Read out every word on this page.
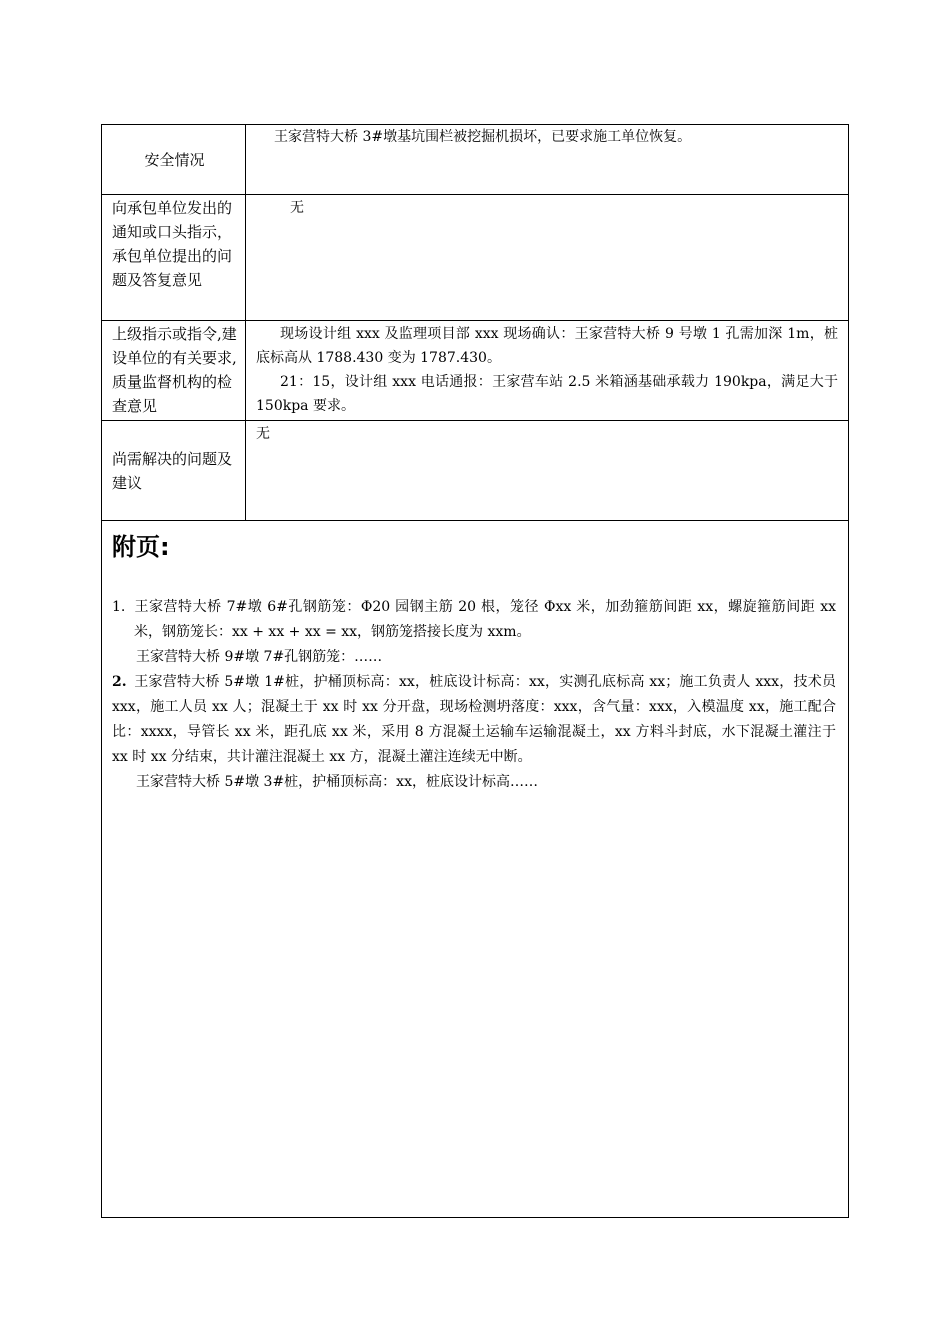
安全情况
王家营特大桥 3#墩基坑围栏被挖掘机损坏，已要求施工单位恢复。
向承包单位发出的通知或口头指示，承包单位提出的问题及答复意见
无
上级指示或指令,建设单位的有关要求,质量监督机构的检查意见

现场设计组 xxx 及监理项目部 xxx 现场确认：王家营特大桥 9 号墩 1 孔需加深 1m，桩底标高从 1788.430 变为 1787.430。

21：15，设计组 xxx 电话通报：王家营车站 2.5 米箱涵基础承载力 190kpa，满足大于 150kpa 要求。

尚需解决的问题及建议
无
附页:

1. 王家营特大桥 7#墩 6#孔钢筋笼：Φ20 园钢主筋 20 根，笼径 Φxx 米，加劲箍筋间距 xx，螺旋箍筋间距 xx 米，钢筋笼长：xx + xx + xx = xx，钢筋笼搭接长度为 xxm。

王家营特大桥 9#墩 7#孔钢筋笼：……

2. 王家营特大桥 5#墩 1#桩，护桶顶标高：xx，桩底设计标高：xx，实测孔底标高 xx；施工负责人 xxx，技术员 xxx，施工人员 xx 人；混凝土于 xx 时 xx 分开盘，现场检测坍落度：xxx，含气量：xxx，入模温度 xx，施工配合比：xxxx，导管长 xx 米，距孔底 xx 米，采用 8 方混凝土运输车运输混凝土，xx 方料斗封底，水下混凝土灌注于 xx 时 xx 分结束，共计灌注混凝土 xx 方，混凝土灌注连续无中断。

王家营特大桥 5#墩 3#桩，护桶顶标高：xx，桩底设计标高……
